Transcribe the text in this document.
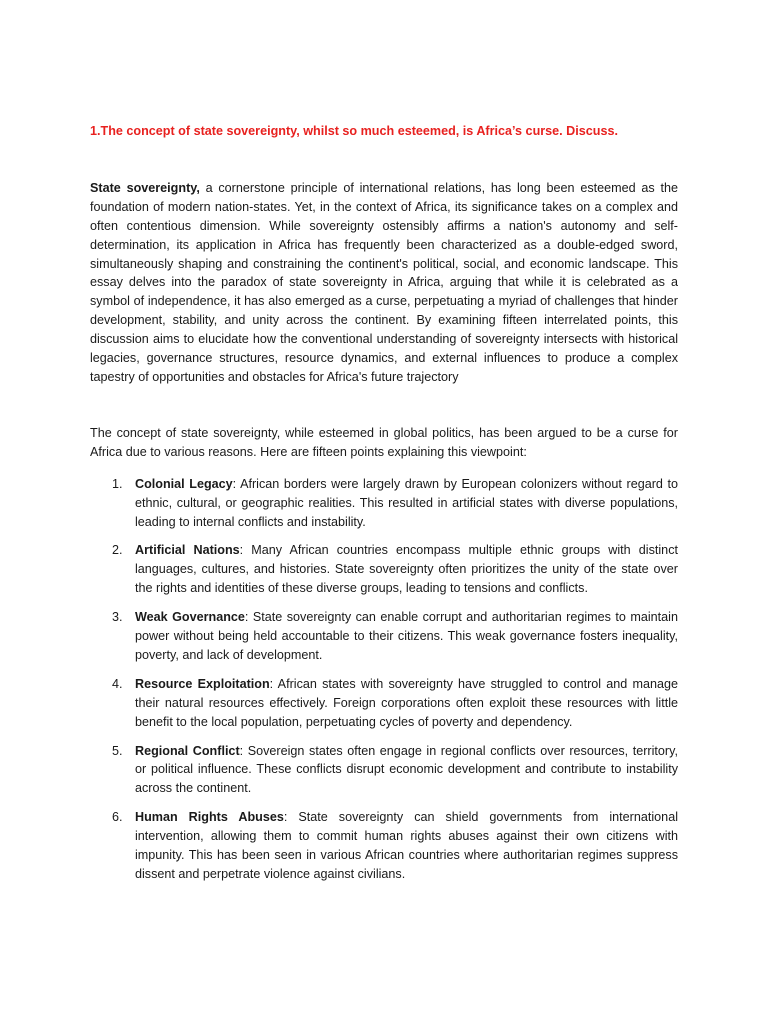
1.The concept of state sovereignty, whilst so much esteemed, is Africa’s curse. Discuss.

State sovereignty, a cornerstone principle of international relations, has long been esteemed as the foundation of modern nation-states. Yet, in the context of Africa, its significance takes on a complex and often contentious dimension. While sovereignty ostensibly affirms a nation's autonomy and self-determination, its application in Africa has frequently been characterized as a double-edged sword, simultaneously shaping and constraining the continent's political, social, and economic landscape. This essay delves into the paradox of state sovereignty in Africa, arguing that while it is celebrated as a symbol of independence, it has also emerged as a curse, perpetuating a myriad of challenges that hinder development, stability, and unity across the continent. By examining fifteen interrelated points, this discussion aims to elucidate how the conventional understanding of sovereignty intersects with historical legacies, governance structures, resource dynamics, and external influences to produce a complex tapestry of opportunities and obstacles for Africa's future trajectory

The concept of state sovereignty, while esteemed in global politics, has been argued to be a curse for Africa due to various reasons. Here are fifteen points explaining this viewpoint:

1. Colonial Legacy: African borders were largely drawn by European colonizers without regard to ethnic, cultural, or geographic realities. This resulted in artificial states with diverse populations, leading to internal conflicts and instability.
2. Artificial Nations: Many African countries encompass multiple ethnic groups with distinct languages, cultures, and histories. State sovereignty often prioritizes the unity of the state over the rights and identities of these diverse groups, leading to tensions and conflicts.
3. Weak Governance: State sovereignty can enable corrupt and authoritarian regimes to maintain power without being held accountable to their citizens. This weak governance fosters inequality, poverty, and lack of development.
4. Resource Exploitation: African states with sovereignty have struggled to control and manage their natural resources effectively. Foreign corporations often exploit these resources with little benefit to the local population, perpetuating cycles of poverty and dependency.
5. Regional Conflict: Sovereign states often engage in regional conflicts over resources, territory, or political influence. These conflicts disrupt economic development and contribute to instability across the continent.
6. Human Rights Abuses: State sovereignty can shield governments from international intervention, allowing them to commit human rights abuses against their own citizens with impunity. This has been seen in various African countries where authoritarian regimes suppress dissent and perpetrate violence against civilians.
